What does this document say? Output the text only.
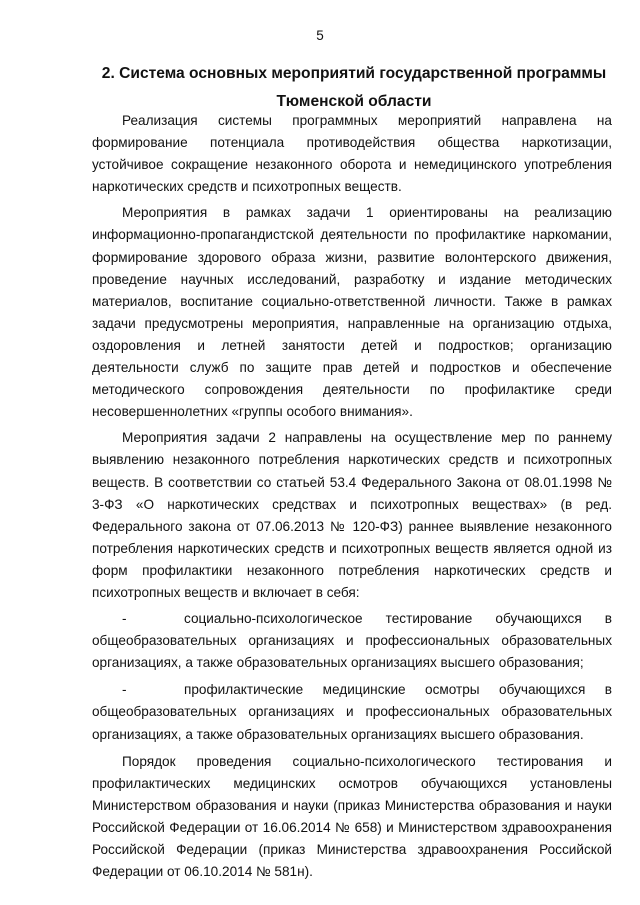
5
2. Система основных мероприятий государственной программы
Тюменской области

Реализация системы программных мероприятий направлена на формирование потенциала противодействия общества наркотизации, устойчивое сокращение незаконного оборота и немедицинского употребления наркотических средств и психотропных веществ.

Мероприятия в рамках задачи 1 ориентированы на реализацию информационно-пропагандистской деятельности по профилактике наркомании, формирование здорового образа жизни, развитие волонтерского движения, проведение научных исследований, разработку и издание методических материалов, воспитание социально-ответственной личности. Также в рамках задачи предусмотрены мероприятия, направленные на организацию отдыха, оздоровления и летней занятости детей и подростков; организацию деятельности служб по защите прав детей и подростков и обеспечение методического сопровождения деятельности по профилактике среди несовершеннолетних «группы особого внимания».

Мероприятия задачи 2 направлены на осуществление мер по раннему выявлению незаконного потребления наркотических средств и психотропных веществ. В соответствии со статьей 53.4 Федерального Закона от 08.01.1998 № 3-ФЗ «О наркотических средствах и психотропных веществах» (в ред. Федерального закона от 07.06.2013 № 120-ФЗ) раннее выявление незаконного потребления наркотических средств и психотропных веществ является одной из форм профилактики незаконного потребления наркотических средств и психотропных веществ и включает в себя:

-	социально-психологическое тестирование обучающихся в общеобразовательных организациях и профессиональных образовательных организациях, а также образовательных организациях высшего образования;
-	профилактические медицинские осмотры обучающихся в общеобразовательных организациях и профессиональных образовательных организациях, а также образовательных организациях высшего образования.

Порядок проведения социально-психологического тестирования и профилактических медицинских осмотров обучающихся установлены Министерством образования и науки (приказ Министерства образования и науки Российской Федерации от 16.06.2014 № 658) и Министерством здравоохранения Российской Федерации (приказ Министерства здравоохранения Российской Федерации от 06.10.2014 № 581н).
